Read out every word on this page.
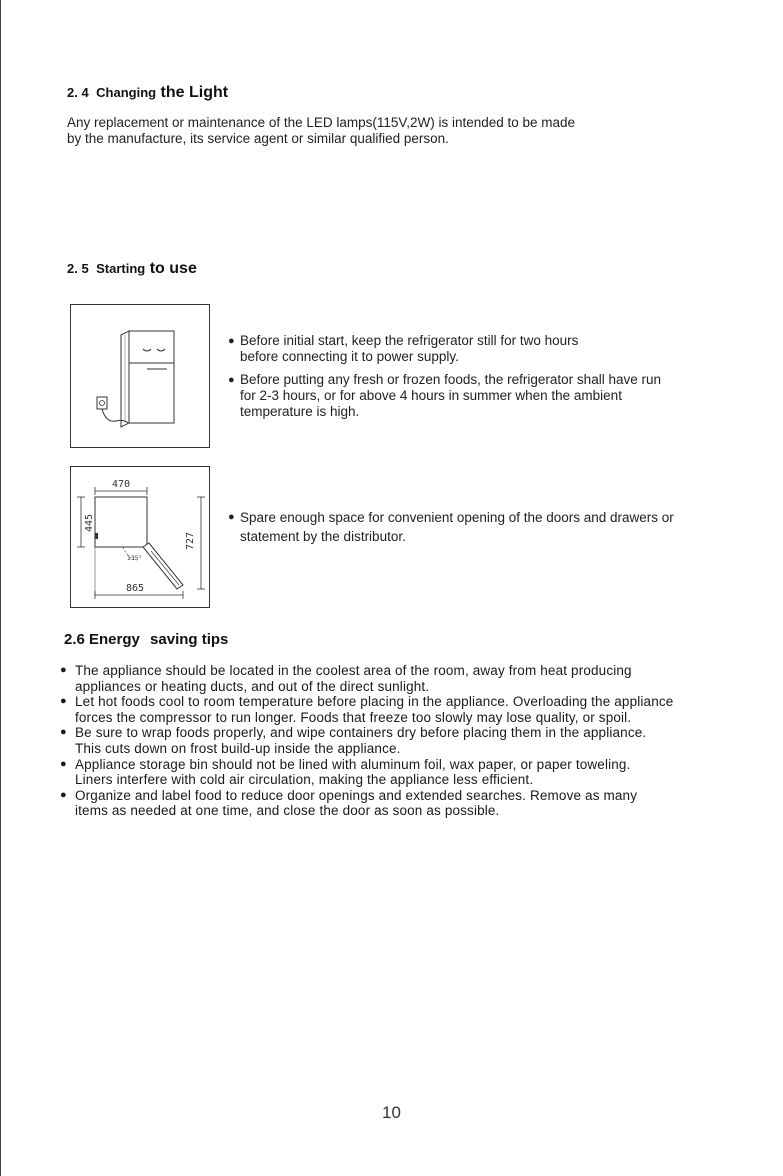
2. 4 Changing the Light
Any replacement or maintenance of the LED lamps(115V,2W) is intended to be made
by the manufacture, its service agent or similar qualified person.
2. 5 Starting to use
470
445
135°
727
865
● Before initial start, keep the refrigerator still for two hours
before connecting it to power supply.
● Before putting any fresh or frozen foods, the refrigerator shall have run
for 2-3 hours, or for above 4 hours in summer when the ambient
temperature is high.
● Spare enough space for convenient opening of the doors and drawers or
statement by the distributor.
2.6 Energy saving tips
● The appliance should be located in the coolest area of the room, away from heat producing
appliances or heating ducts, and out of the direct sunlight.
● Let hot foods cool to room temperature before placing in the appliance. Overloading the appliance
forces the compressor to run longer. Foods that freeze too slowly may lose quality, or spoil.
● Be sure to wrap foods properly, and wipe containers dry before placing them in the appliance.
This cuts down on frost build-up inside the appliance.
● Appliance storage bin should not be lined with aluminum foil, wax paper, or paper toweling.
Liners interfere with cold air circulation, making the appliance less efficient.
● Organize and label food to reduce door openings and extended searches. Remove as many
items as needed at one time, and close the door as soon as possible.
10
